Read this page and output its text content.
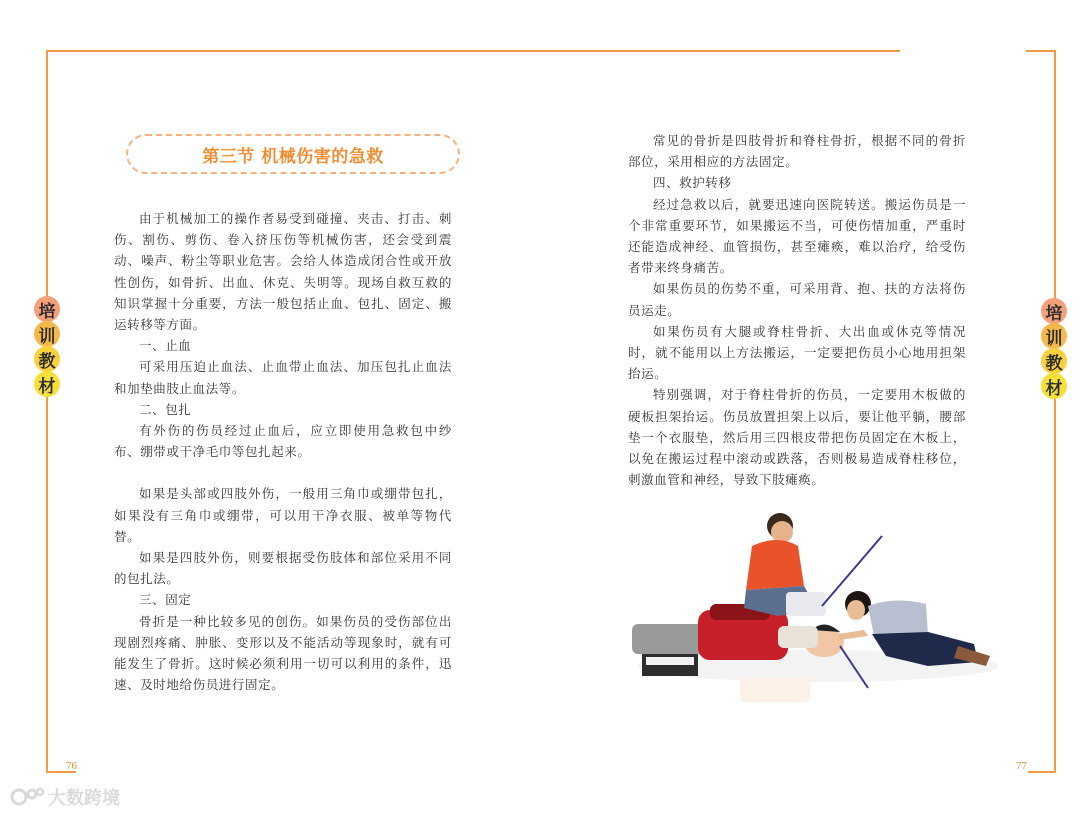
76	77
培
训
教
材
培
训
教
材
第三节 机械伤害的急救

由于机械加工的操作者易受到碰撞、夹击、打击、刺伤、割伤、剪伤、卷入挤压伤等机械伤害，还会受到震动、噪声、粉尘等职业危害。会给人体造成闭合性或开放性创伤，如骨折、出血、休克、失明等。现场自救互救的知识掌握十分重要，方法一般包括止血、包扎、固定、搬运转移等方面。

一、止血

可采用压迫止血法、止血带止血法、加压包扎止血法和加垫曲肢止血法等。

二、包扎

有外伤的伤员经过止血后，应立即使用急救包中纱布、绷带或干净毛巾等包扎起来。

如果是头部或四肢外伤，一般用三角巾或绷带包扎，如果没有三角巾或绷带，可以用干净衣服、被单等物代替。

如果是四肢外伤，则要根据受伤肢体和部位采用不同的包扎法。

三、固定

骨折是一种比较多见的创伤。如果伤员的受伤部位出现剧烈疼痛、肿胀、变形以及不能活动等现象时，就有可能发生了骨折。这时候必须利用一切可以利用的条件，迅速、及时地给伤员进行固定。

常见的骨折是四肢骨折和脊柱骨折，根据不同的骨折部位，采用相应的方法固定。

四、救护转移

经过急救以后，就要迅速向医院转送。搬运伤员是一个非常重要环节，如果搬运不当，可使伤情加重，严重时还能造成神经、血管损伤，甚至瘫痪，难以治疗，给受伤者带来终身痛苦。

如果伤员的伤势不重，可采用背、抱、扶的方法将伤员运走。

如果伤员有大腿或脊柱骨折、大出血或休克等情况时，就不能用以上方法搬运，一定要把伤员小心地用担架抬运。

特别强调，对于脊柱骨折的伤员，一定要用木板做的硬板担架抬运。伤员放置担架上以后，要让他平躺，腰部垫一个衣服垫，然后用三四根皮带把伤员固定在木板上，以免在搬运过程中滚动或跌落，否则极易造成脊柱移位，刺激血管和神经，导致下肢瘫痪。

大数跨境
